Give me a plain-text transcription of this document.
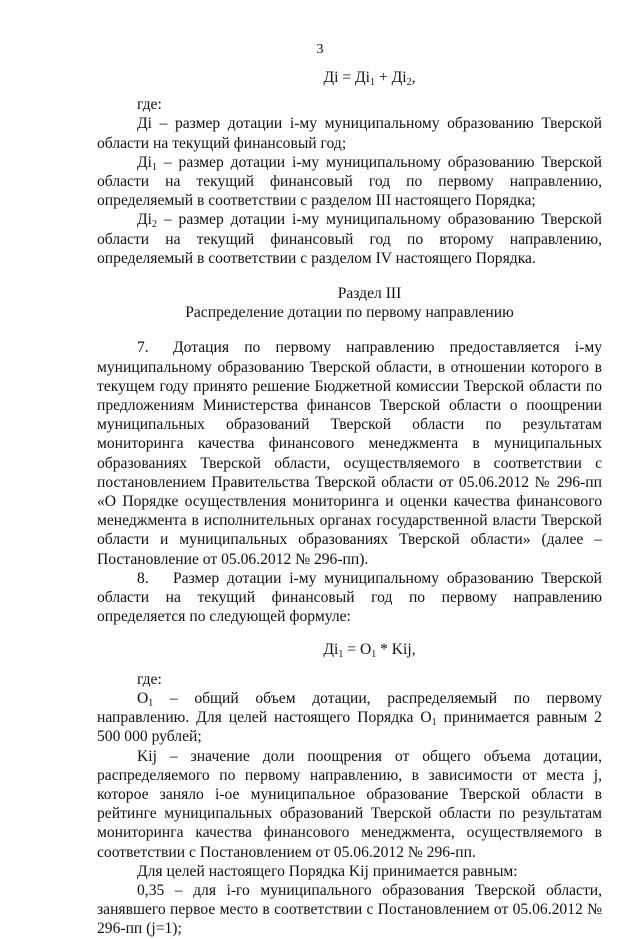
3
Дi = $Дi_1 + Дi_2$,
где:
Дi – размер дотации i-му муниципальному образованию Тверской области на текущий финансовый год;
$Дi_1$ – размер дотации i-му муниципальному образованию Тверской области на текущий финансовый год по первому направлению, определяемый в соответствии с разделом III настоящего Порядка;
$Дi_2$ – размер дотации i-му муниципальному образованию Тверской области на текущий финансовый год по второму направлению, определяемый в соответствии с разделом IV настоящего Порядка.
Раздел III
Распределение дотации по первому направлению
7. Дотация по первому направлению предоставляется i-му муниципальному образованию Тверской области, в отношении которого в текущем году принято решение Бюджетной комиссии Тверской области по предложениям Министерства финансов Тверской области о поощрении муниципальных образований Тверской области по результатам мониторинга качества финансового менеджмента в муниципальных образованиях Тверской области, осуществляемого в соответствии с постановлением Правительства Тверской области от 05.06.2012 № 296-пп «О Порядке осуществления мониторинга и оценки качества финансового менеджмента в исполнительных органах государственной власти Тверской области и муниципальных образованиях Тверской области» (далее – Постановление от 05.06.2012 № 296-пп).
8. Размер дотации i-му муниципальному образованию Тверской области на текущий финансовый год по первому направлению определяется по следующей формуле:
$Дi_1 = О_1$ * Kij,
где:
$О_1$ – общий объем дотации, распределяемый по первому направлению. Для целей настоящего Порядка $О_1$ принимается равным 2 500 000 рублей;
Kij – значение доли поощрения от общего объема дотации, распределяемого по первому направлению, в зависимости от места j, которое заняло i-ое муниципальное образование Тверской области в рейтинге муниципальных образований Тверской области по результатам мониторинга качества финансового менеджмента, осуществляемого в соответствии с Постановлением от 05.06.2012 № 296-пп.
Для целей настоящего Порядка Kij принимается равным:
0,35 – для i-го муниципального образования Тверской области, занявшего первое место в соответствии с Постановлением от 05.06.2012 № 296-пп (j=1);
